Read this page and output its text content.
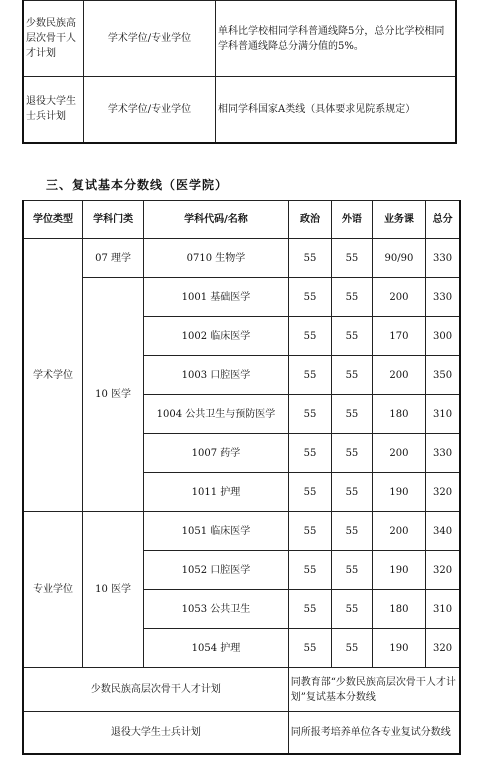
少数民族高层次骨干人才计划	学术学位/专业学位	单科比学校相同学科普通线降5分，总分比学校相同学科普通线降总分满分值的5%。
退役大学生士兵计划	学术学位/专业学位	相同学科国家A类线（具体要求见院系规定）
三、复试基本分数线（医学院）
学位类型	学科门类	学科代码/名称	政治	外语	业务课	总分
学术学位	07 理学	0710 生物学	55	55	90/90	330
	10 医学	1001 基础医学	55	55	200	330
		1002 临床医学	55	55	170	300
		1003 口腔医学	55	55	200	350
		1004 公共卫生与预防医学	55	55	180	310
		1007 药学	55	55	200	330
		1011 护理	55	55	190	320
专业学位	10 医学	1051 临床医学	55	55	200	340
		1052 口腔医学	55	55	190	320
		1053 公共卫生	55	55	180	310
		1054 护理	55	55	190	320
少数民族高层次骨干人才计划			同教育部“少数民族高层次骨干人才计划”复试基本分数线			
退役大学生士兵计划			同所报考培养单位各专业复试分数线			
